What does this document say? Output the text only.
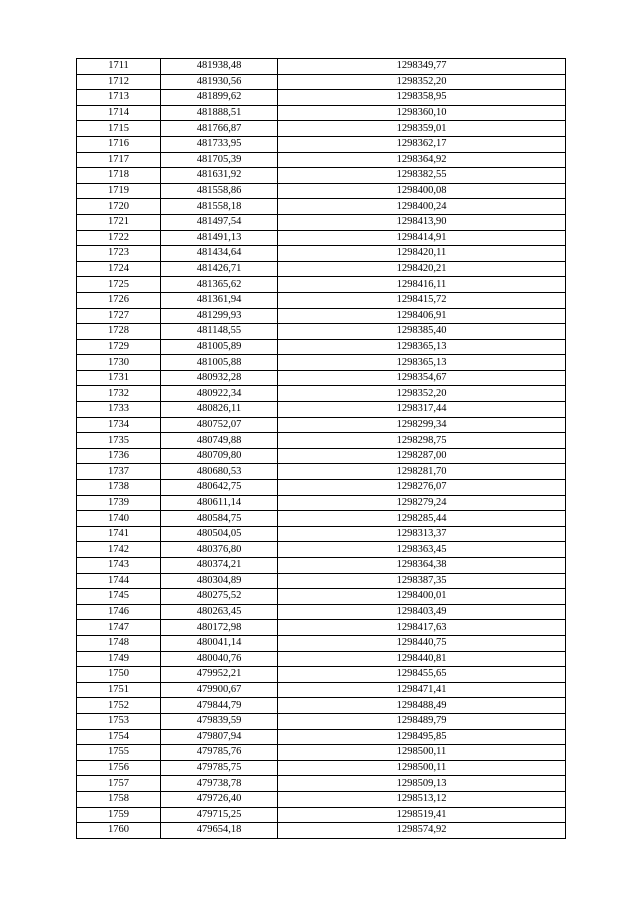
1711	481938,48	1298349,77
1712	481930,56	1298352,20
1713	481899,62	1298358,95
1714	481888,51	1298360,10
1715	481766,87	1298359,01
1716	481733,95	1298362,17
1717	481705,39	1298364,92
1718	481631,92	1298382,55
1719	481558,86	1298400,08
1720	481558,18	1298400,24
1721	481497,54	1298413,90
1722	481491,13	1298414,91
1723	481434,64	1298420,11
1724	481426,71	1298420,21
1725	481365,62	1298416,11
1726	481361,94	1298415,72
1727	481299,93	1298406,91
1728	481148,55	1298385,40
1729	481005,89	1298365,13
1730	481005,88	1298365,13
1731	480932,28	1298354,67
1732	480922,34	1298352,20
1733	480826,11	1298317,44
1734	480752,07	1298299,34
1735	480749,88	1298298,75
1736	480709,80	1298287,00
1737	480680,53	1298281,70
1738	480642,75	1298276,07
1739	480611,14	1298279,24
1740	480584,75	1298285,44
1741	480504,05	1298313,37
1742	480376,80	1298363,45
1743	480374,21	1298364,38
1744	480304,89	1298387,35
1745	480275,52	1298400,01
1746	480263,45	1298403,49
1747	480172,98	1298417,63
1748	480041,14	1298440,75
1749	480040,76	1298440,81
1750	479952,21	1298455,65
1751	479900,67	1298471,41
1752	479844,79	1298488,49
1753	479839,59	1298489,79
1754	479807,94	1298495,85
1755	479785,76	1298500,11
1756	479785,75	1298500,11
1757	479738,78	1298509,13
1758	479726,40	1298513,12
1759	479715,25	1298519,41
1760	479654,18	1298574,92
